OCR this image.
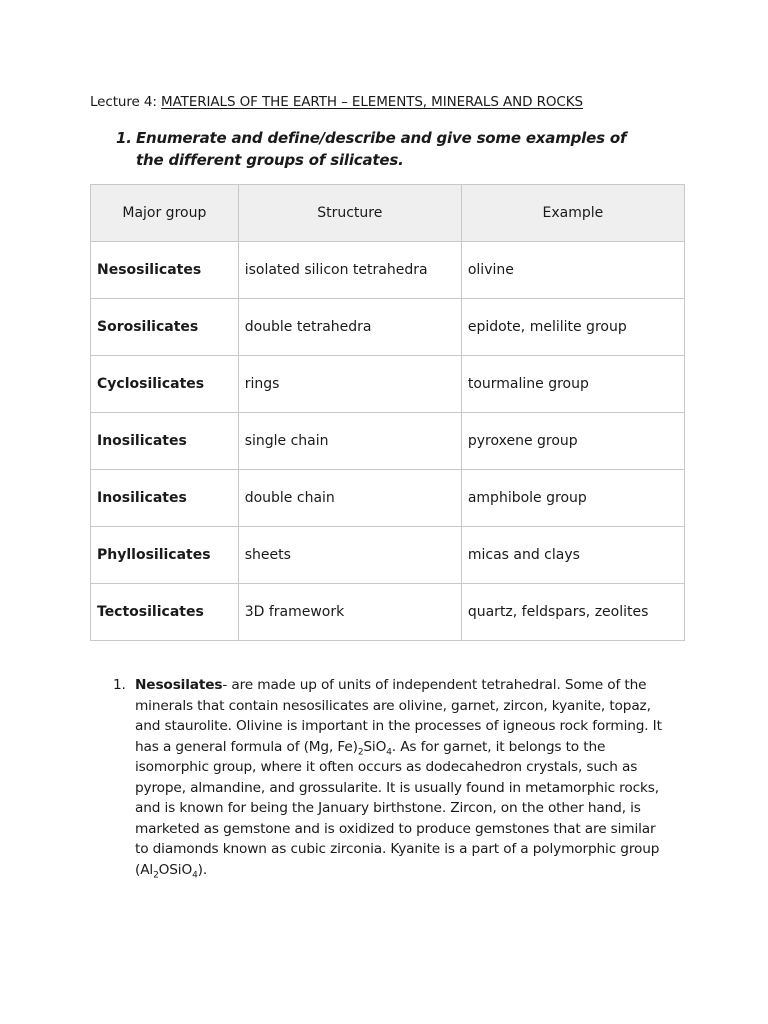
Lecture 4: MATERIALS OF THE EARTH – ELEMENTS, MINERALS AND ROCKS
1. Enumerate and define/describe and give some examples of the different groups of silicates.
Major group	Structure	Example
Nesosilicates	isolated silicon tetrahedra	olivine
Sorosilicates	double tetrahedra	epidote, melilite group
Cyclosilicates	rings	tourmaline group
Inosilicates	single chain	pyroxene group
Inosilicates	double chain	amphibole group
Phyllosilicates	sheets	micas and clays
Tectosilicates	3D framework	quartz, feldspars, zeolites
1. Nesosilates- are made up of units of independent tetrahedral. Some of the minerals that contain nesosilicates are olivine, garnet, zircon, kyanite, topaz, and staurolite. Olivine is important in the processes of igneous rock forming. It has a general formula of (Mg, $Fe)_2SiO_4$. As for garnet, it belongs to the isomorphic group, where it often occurs as dodecahedron crystals, such as pyrope, almandine, and grossularite. It is usually found in metamorphic rocks, and is known for being the January birthstone. Zircon, on the other hand, is marketed as gemstone and is oxidized to produce gemstones that are similar to diamonds known as cubic zirconia. Kyanite is a part of a polymorphic group $(Al_2OSiO_4)$.
